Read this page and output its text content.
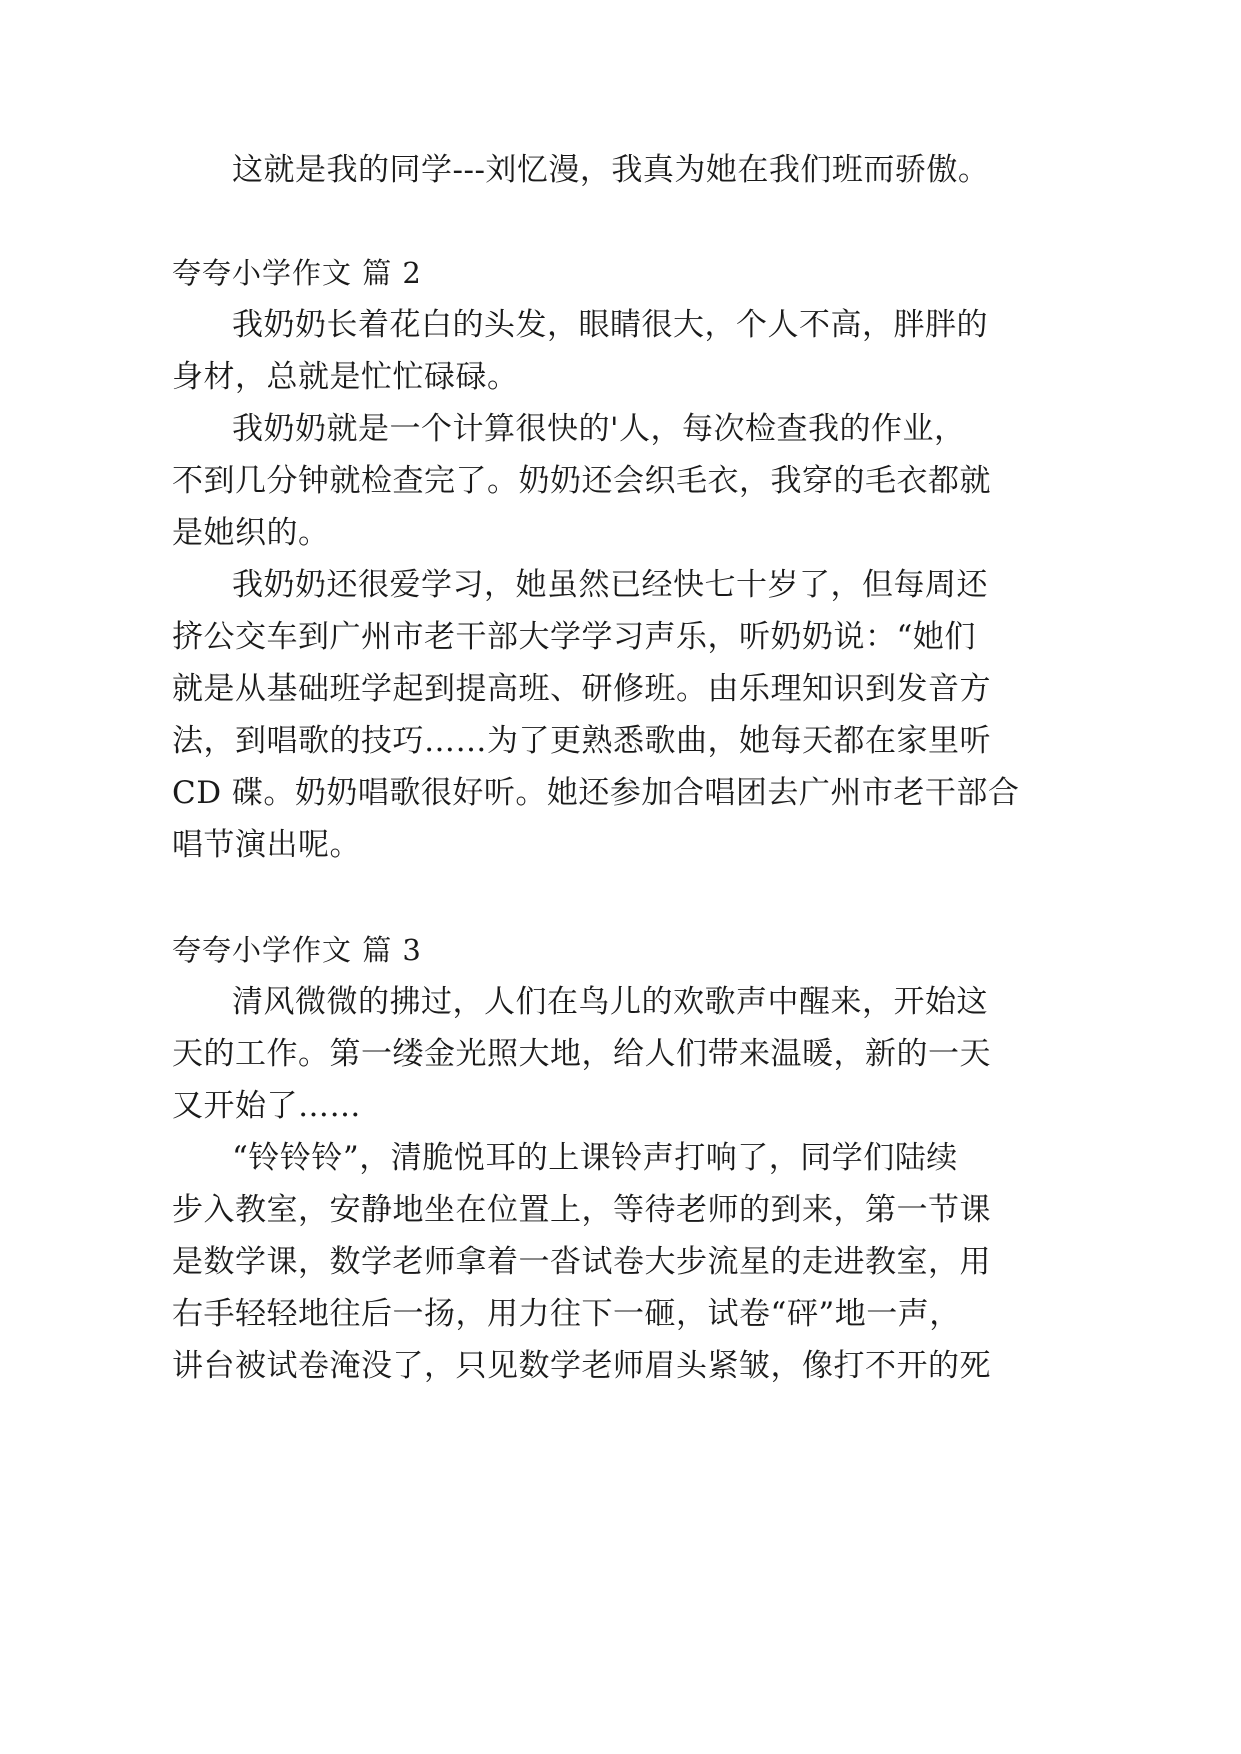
这就是我的同学---刘忆漫，我真为她在我们班而骄傲。
夸夸小学作文 篇 2
我奶奶长着花白的头发，眼睛很大，个人不高，胖胖的
身材，总就是忙忙碌碌。
我奶奶就是一个计算很快的'人，每次检查我的作业，
不到几分钟就检查完了。奶奶还会织毛衣，我穿的毛衣都就
是她织的。
我奶奶还很爱学习，她虽然已经快七十岁了，但每周还
挤公交车到广州市老干部大学学习声乐，听奶奶说：“她们
就是从基础班学起到提高班、研修班。由乐理知识到发音方
法，到唱歌的技巧……为了更熟悉歌曲，她每天都在家里听
CD 碟。奶奶唱歌很好听。她还参加合唱团去广州市老干部合
唱节演出呢。
夸夸小学作文 篇 3
清风微微的拂过，人们在鸟儿的欢歌声中醒来，开始这
天的工作。第一缕金光照大地，给人们带来温暖，新的一天
又开始了……
“铃铃铃”，清脆悦耳的上课铃声打响了，同学们陆续
步入教室，安静地坐在位置上，等待老师的到来，第一节课
是数学课，数学老师拿着一沓试卷大步流星的走进教室，用
右手轻轻地往后一扬，用力往下一砸，试卷“砰”地一声，
讲台被试卷淹没了，只见数学老师眉头紧皱，像打不开的死
